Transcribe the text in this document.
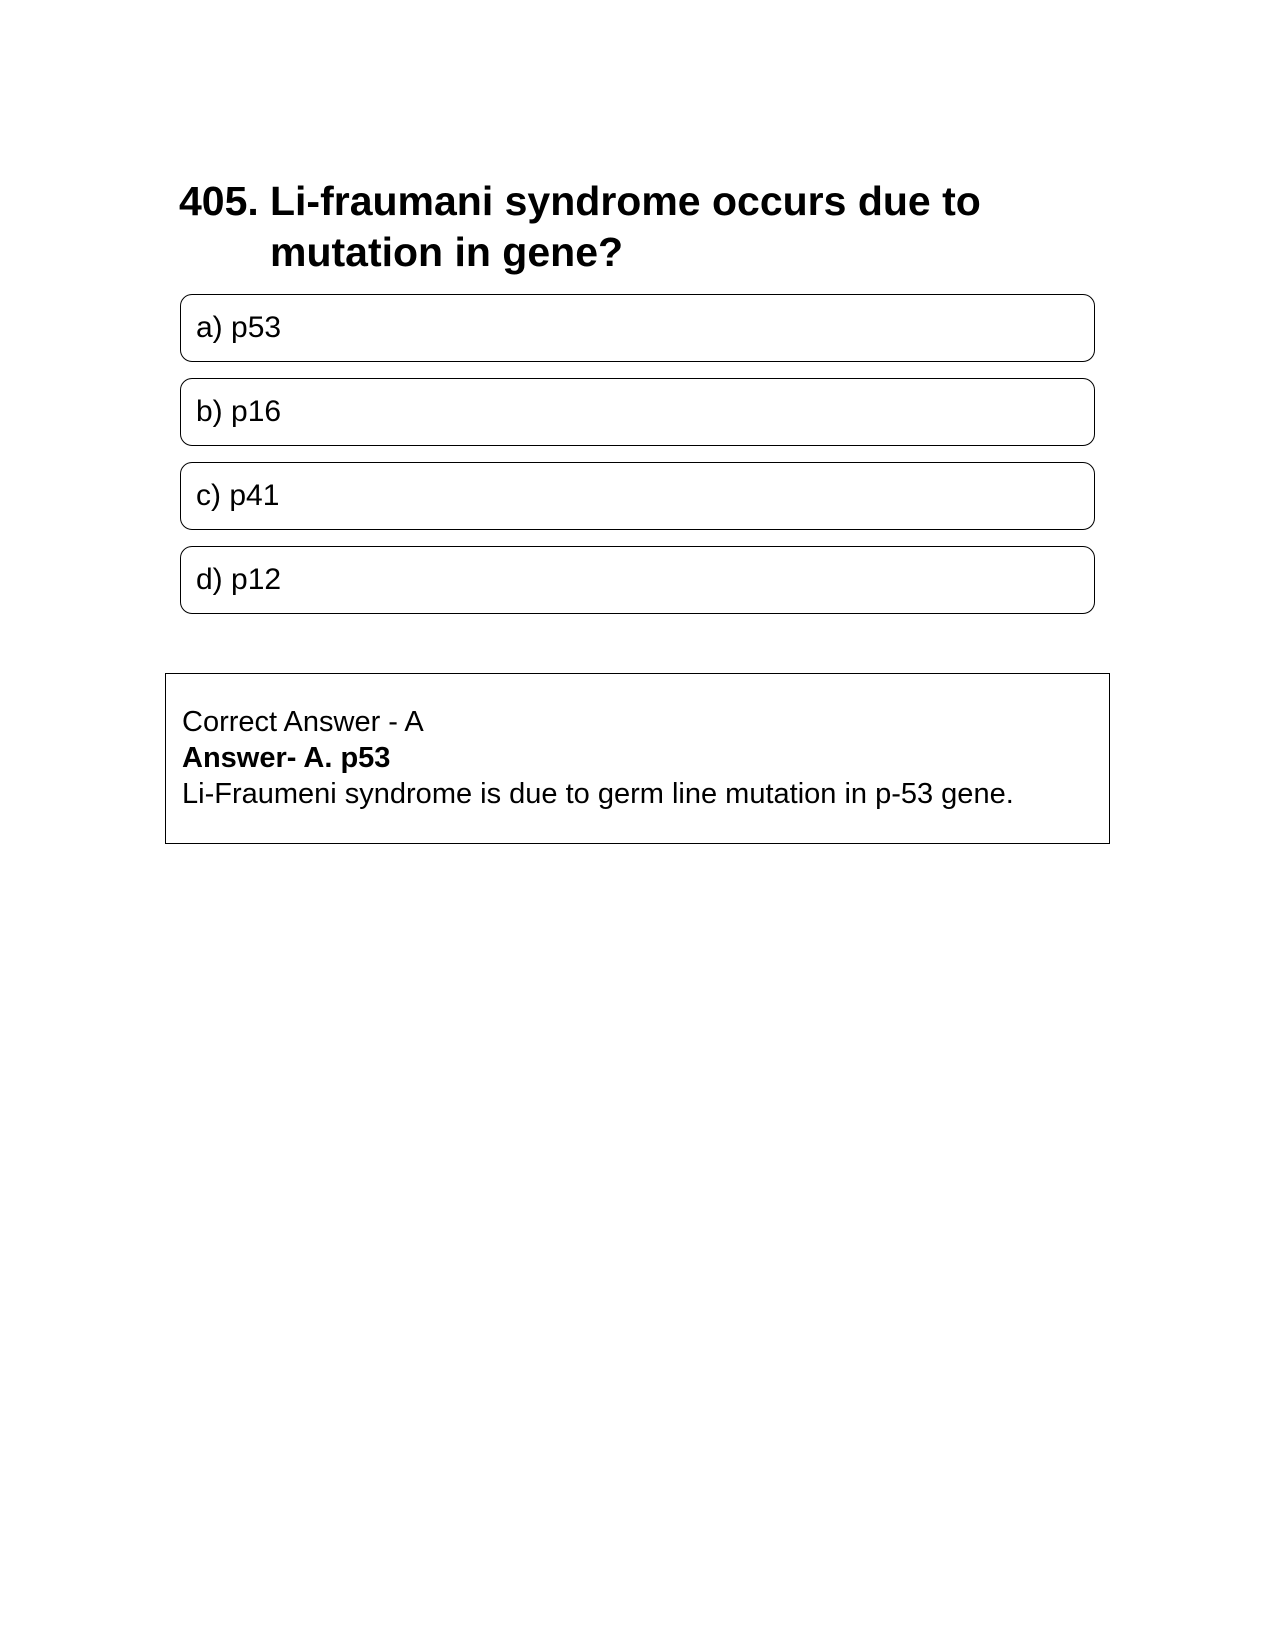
405. Li-fraumani syndrome occurs due to mutation in gene?
a) p53
b) p16
c) p41
d) p12
Correct Answer - A
Answer- A. p53
Li-Fraumeni syndrome is due to germ line mutation in p-53 gene.
